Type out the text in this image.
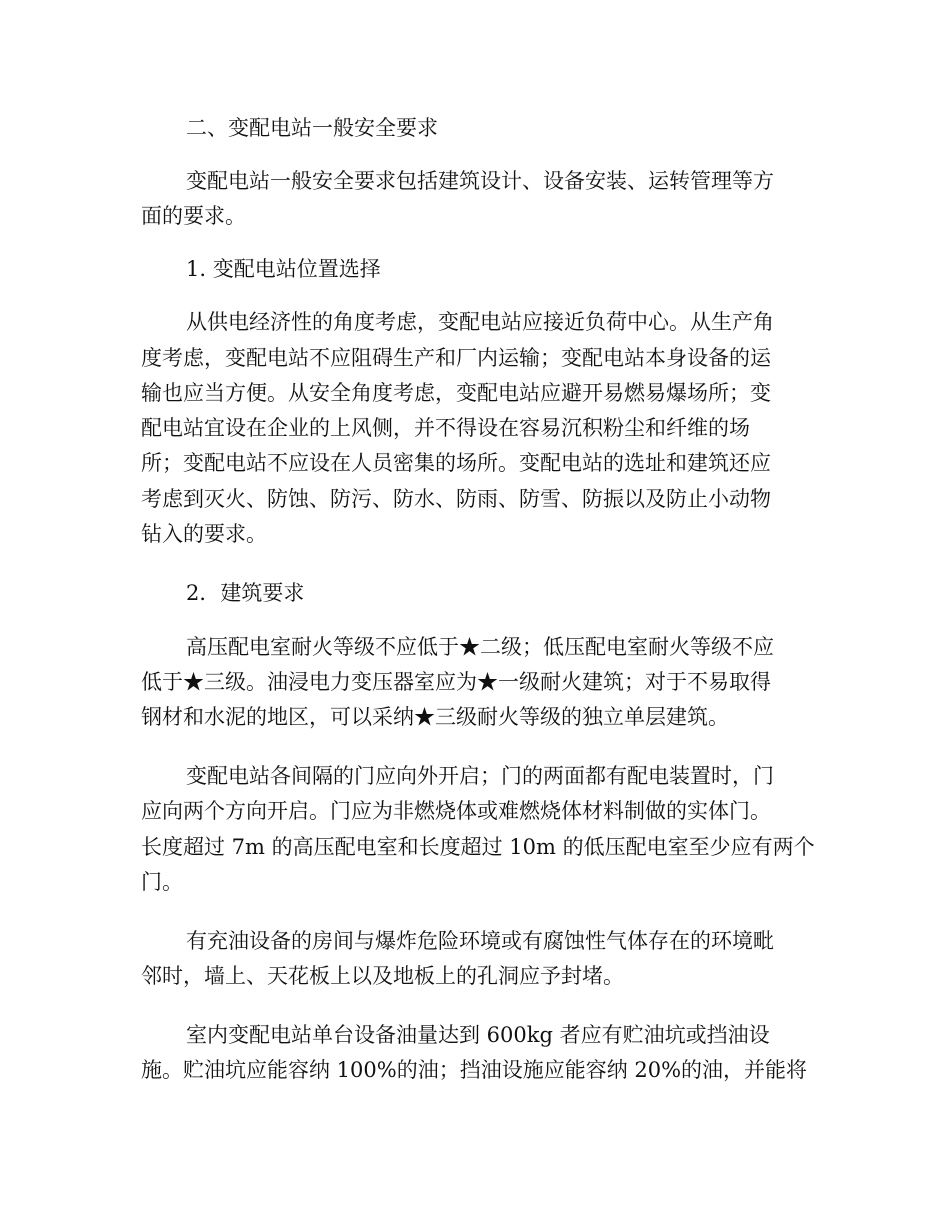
二、变配电站一般安全要求
变配电站一般安全要求包括建筑设计、设备安装、运转管理等方
面的要求。
1. 变配电站位置选择
从供电经济性的角度考虑，变配电站应接近负荷中心。从生产角
度考虑，变配电站不应阻碍生产和厂内运输；变配电站本身设备的运
输也应当方便。从安全角度考虑，变配电站应避开易燃易爆场所；变
配电站宜设在企业的上风侧，并不得设在容易沉积粉尘和纤维的场
所；变配电站不应设在人员密集的场所。变配电站的选址和建筑还应
考虑到灭火、防蚀、防污、防水、防雨、防雪、防振以及防止小动物
钻入的要求。
2．建筑要求
高压配电室耐火等级不应低于★二级；低压配电室耐火等级不应
低于★三级。油浸电力变压器室应为★一级耐火建筑；对于不易取得
钢材和水泥的地区，可以采纳★三级耐火等级的独立单层建筑。
变配电站各间隔的门应向外开启；门的两面都有配电装置时，门
应向两个方向开启。门应为非燃烧体或难燃烧体材料制做的实体门。
长度超过 7m 的高压配电室和长度超过 10m 的低压配电室至少应有两个
门。
有充油设备的房间与爆炸危险环境或有腐蚀性气体存在的环境毗
邻时，墙上、天花板上以及地板上的孔洞应予封堵。
室内变配电站单台设备油量达到 600kg 者应有贮油坑或挡油设
施。贮油坑应能容纳 100%的油；挡油设施应能容纳 20%的油，并能将
